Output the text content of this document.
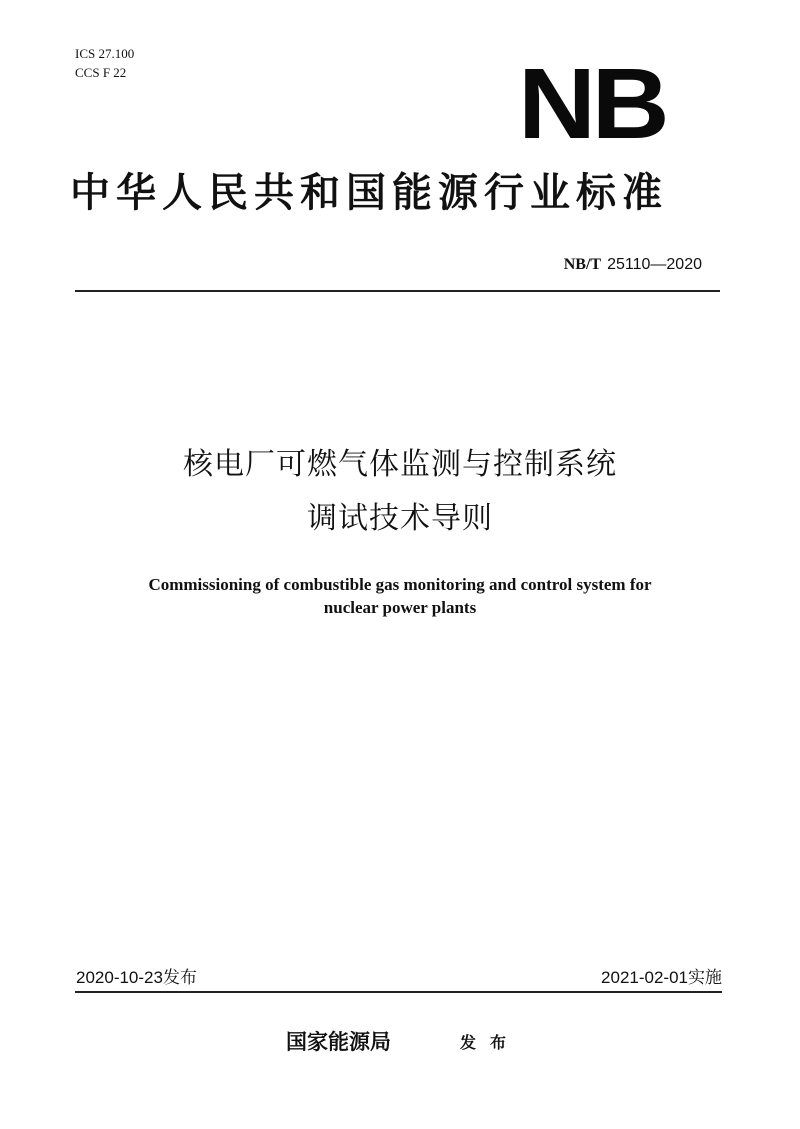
ICS 27.100
CCS F 22	NB
中华人民共和国能源行业标准
NB/T 25110—2020
核电厂可燃气体监测与控制系统
调试技术导则
Commissioning of combustible gas monitoring and control system for
nuclear power plants
2020-10-23发布	2021-02-01实施
国家能源局	发布
